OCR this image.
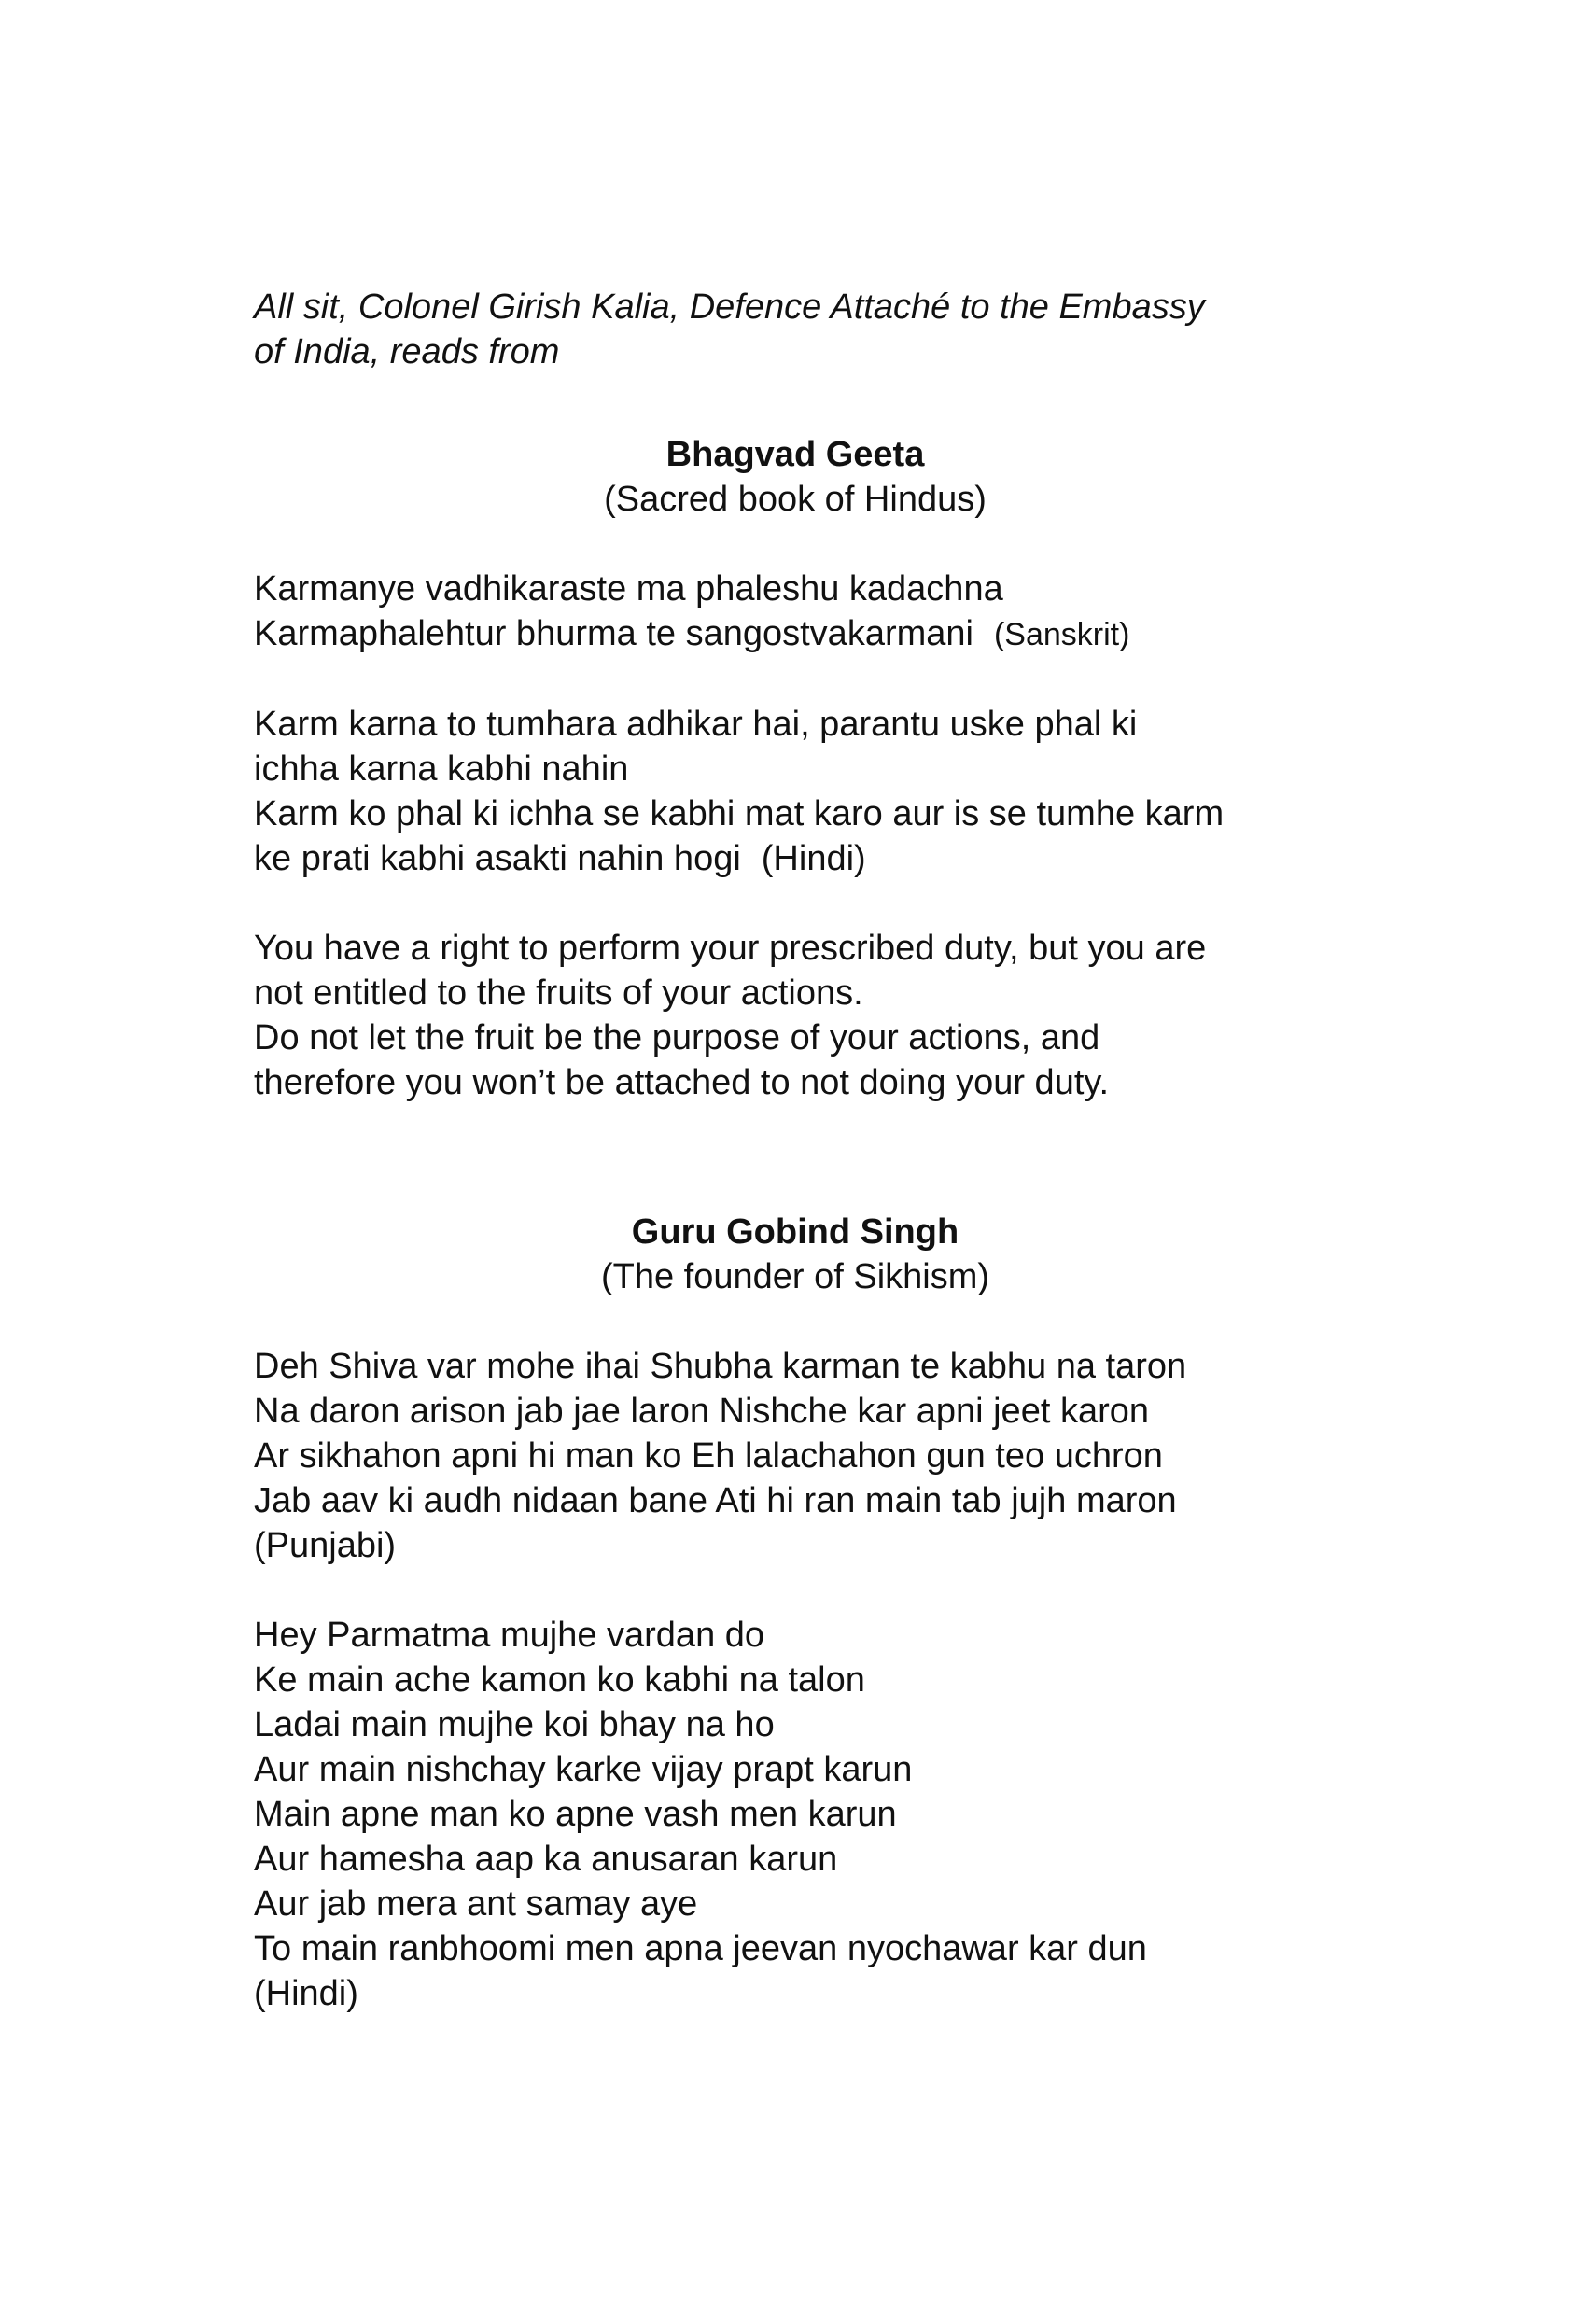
All sit, Colonel Girish Kalia, Defence Attaché to the Embassy
of India, reads from

Bhagvad Geeta
(Sacred book of Hindus)

Karmanye vadhikaraste ma phaleshu kadachna
Karmaphalehtur bhurma te sangostvakarmani (Sanskrit)

Karm karna to tumhara adhikar hai, parantu uske phal ki
ichha karna kabhi nahin
Karm ko phal ki ichha se kabhi mat karo aur is se tumhe karm
ke prati kabhi asakti nahin hogi (Hindi)

You have a right to perform your prescribed duty, but you are
not entitled to the fruits of your actions.
Do not let the fruit be the purpose of your actions, and
therefore you won’t be attached to not doing your duty.

Guru Gobind Singh
(The founder of Sikhism)

Deh Shiva var mohe ihai Shubha karman te kabhu na taron
Na daron arison jab jae laron Nishche kar apni jeet karon
Ar sikhahon apni hi man ko Eh lalachahon gun teo uchron
Jab aav ki audh nidaan bane Ati hi ran main tab jujh maron
(Punjabi)

Hey Parmatma mujhe vardan do
Ke main ache kamon ko kabhi na talon
Ladai main mujhe koi bhay na ho
Aur main nishchay karke vijay prapt karun
Main apne man ko apne vash men karun
Aur hamesha aap ka anusaran karun
Aur jab mera ant samay aye
To main ranbhoomi men apna jeevan nyochawar kar dun
(Hindi)
